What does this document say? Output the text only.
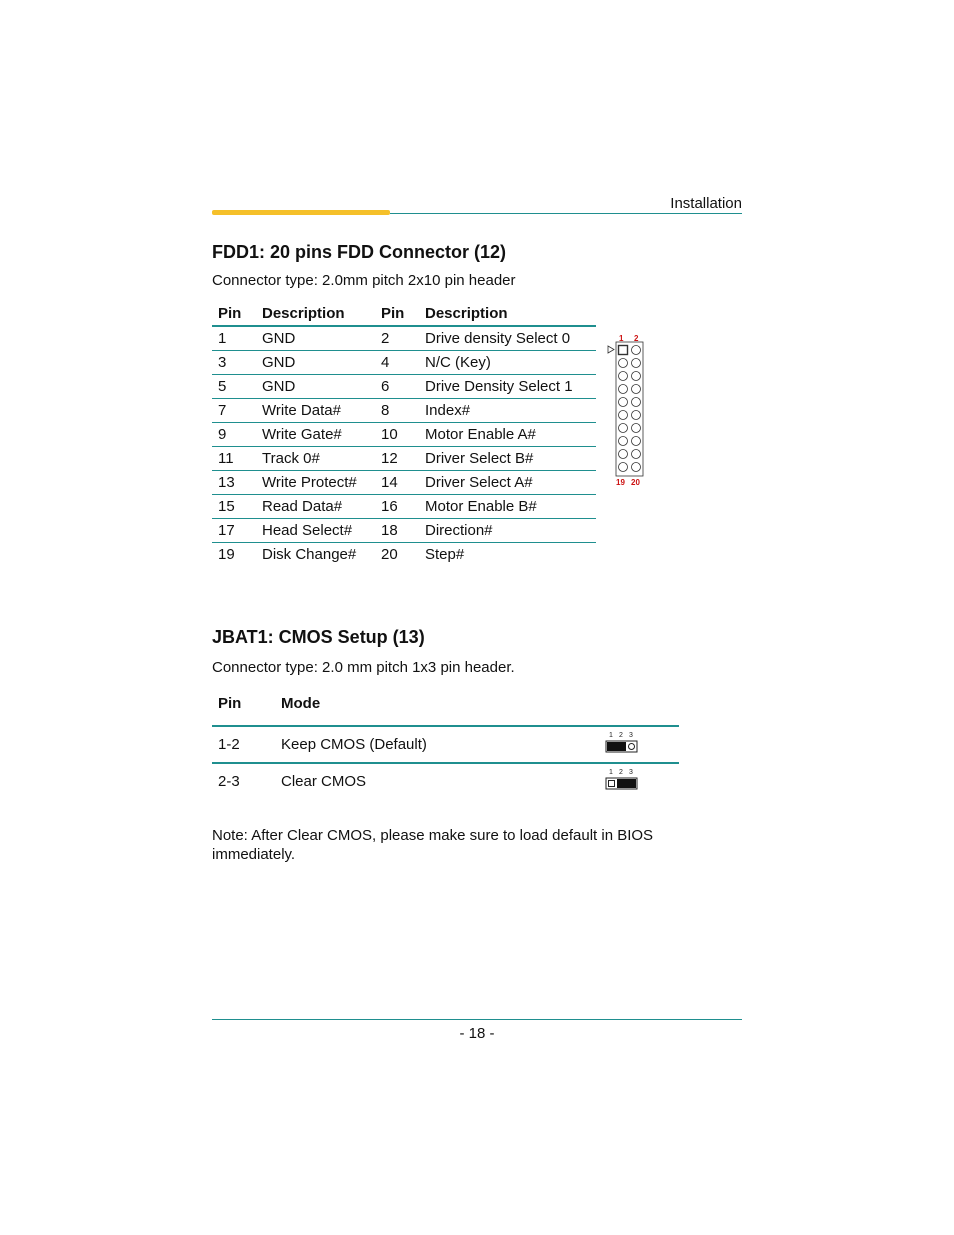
Installation
FDD1: 20 pins FDD Connector (12)
Connector type: 2.0mm pitch 2x10 pin header
Pin	Description	Pin	Description
1	GND	2	Drive density Select 0
3	GND	4	N/C (Key)
5	GND	6	Drive Density Select 1
7	Write Data#	8	Index#
9	Write Gate#	10	Motor Enable A#
11	Track 0#	12	Driver Select B#
13	Write Protect#	14	Driver Select A#
15	Read Data#	16	Motor Enable B#
17	Head Select#	18	Direction#
19	Disk Change#	20	Step#
1 2
19 20
JBAT1: CMOS Setup (13)
Connector type: 2.0 mm pitch 1x3 pin header.
Pin	Mode	
1-2	Keep CMOS (Default)	1 2 3

2-3	Clear CMOS	1 2 3
Note: After Clear CMOS, please make sure to load default in BIOS immediately.
- 18 -
